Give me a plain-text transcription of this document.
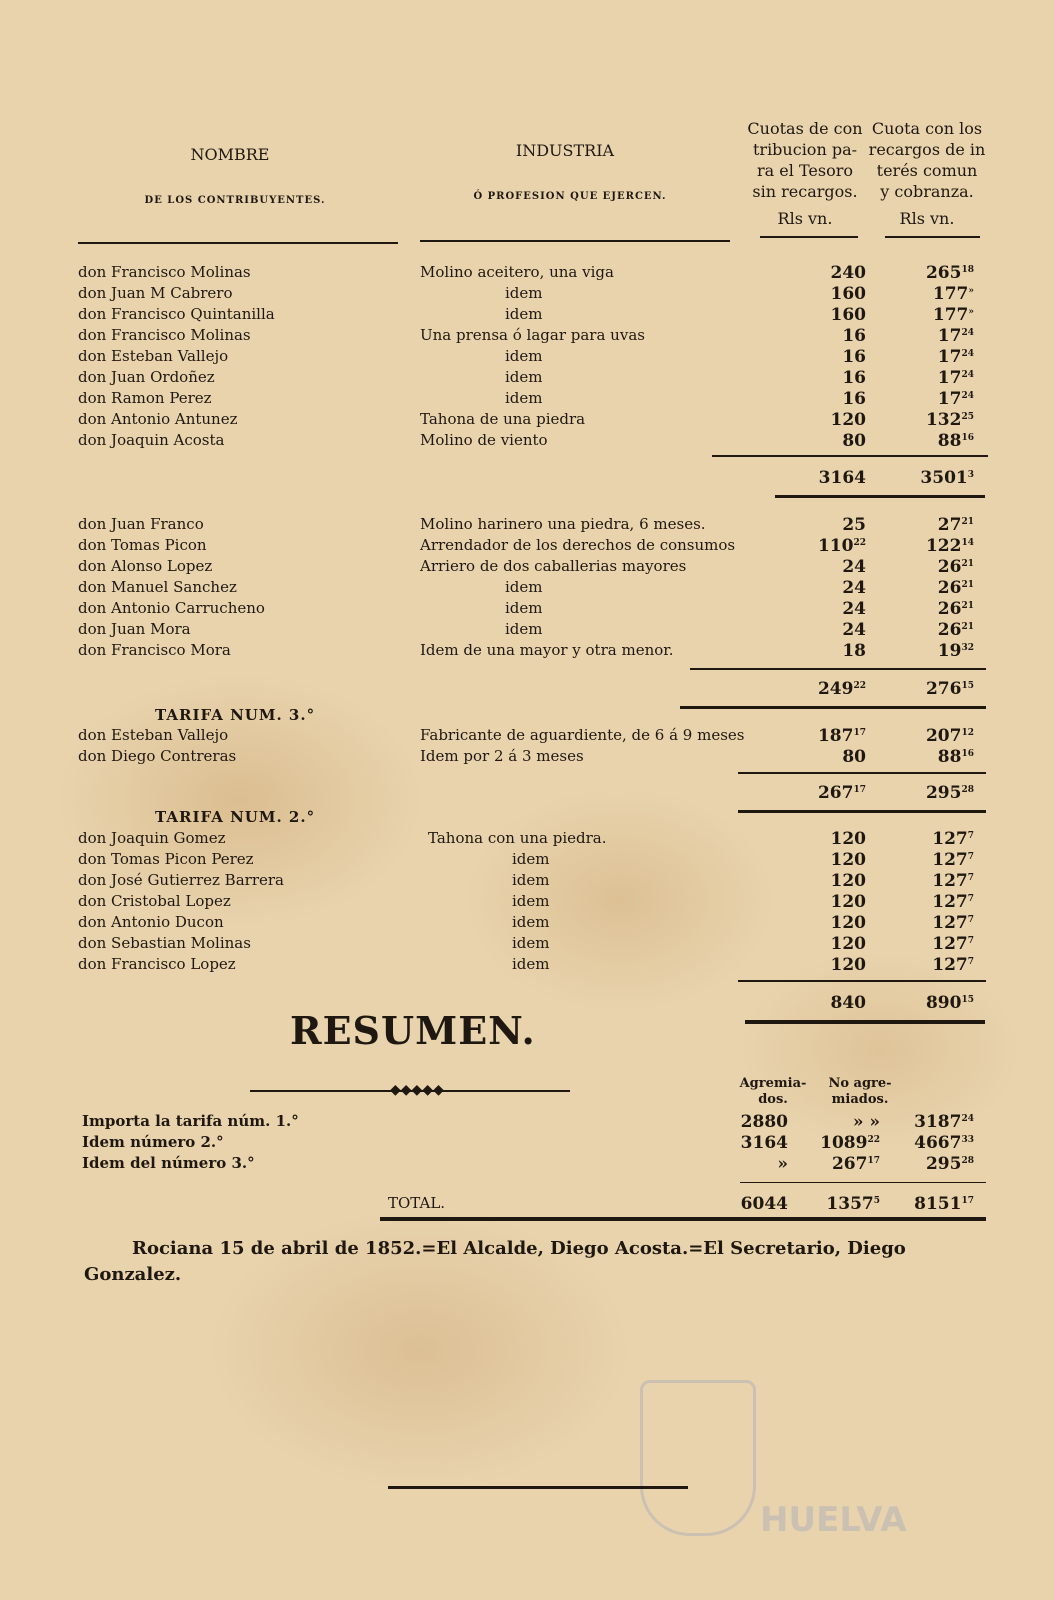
HUELVA
NOMBRE
DE LOS CONTRIBUYENTES.
INDUSTRIA
Ó PROFESION QUE EJERCEN.
Cuotas de con
tribucion pa-
ra el Tesoro
sin recargos.
Rls vn.
Cuota con los
recargos de in
terés comun
y cobranza.
Rls vn.
don Francisco Molinas	Molino aceitero, una viga	240	$265^{18}$
don Juan M Cabrero	idem	160	177»
don Francisco Quintanilla	idem	160	177»
don Francisco Molinas	Una prensa ó lagar para uvas	16	$17^{24}$
don Esteban Vallejo	idem	16	$17^{24}$
don Juan Ordoñez	idem	16	$17^{24}$
don Ramon Perez	idem	16	$17^{24}$
don Antonio Antunez	Tahona de una piedra	120	$132^{25}$
don Joaquin Acosta	Molino de viento	80	$88^{16}$
3164	3501$^3$
don Juan Franco	Molino harinero una piedra, 6 meses.	25	$27^{21}$
don Tomas Picon	Arrendador de los derechos de consumos	$110^{22}$	$122^{14}$
don Alonso Lopez	Arriero de dos caballerias mayores	24	$26^{21}$
don Manuel Sanchez	idem	24	$26^{21}$
don Antonio Carrucheno	idem	24	$26^{21}$
don Juan Mora	idem	24	$26^{21}$
don Francisco Mora	Idem de una mayor y otra menor.	18	$19^{32}$
$249^{22}$	$276^{15}$
TARIFA NUM. 3.°
don Esteban Vallejo	Fabricante de aguardiente, de 6 á 9 meses	$187^{17}$	$207^{12}$
don Diego Contreras	Idem por 2 á 3 meses	80	$88^{16}$
$267^{17}$	$295^{28}$
TARIFA NUM. 2.°
don Joaquin Gomez	Tahona con una piedra.	120	$127^7$
don Tomas Picon Perez	idem	120	$127^7$
don José Gutierrez Barrera	idem	120	$127^7$
don Cristobal Lopez	idem	120	$127^7$
don Antonio Ducon	idem	120	$127^7$
don Sebastian Molinas	idem	120	$127^7$
don Francisco Lopez	idem	120	$127^7$
840	$890^{15}$
RESUMEN.
◆◆◆◆◆	Agremia-
dos.
No agre-
miados.
Importa la tarifa núm. 1.°	2880	» »	3187$^{24}$
Idem número 2.°	3164	1089$^{22}$	4667$^{33}$
Idem del número 3.°	»	$267^{17}$	$295^{28}$
TOTAL.	6044	1357$^5$	8151$^{17}$
Rociana 15 de abril de 1852.=El Alcalde, Diego Acosta.=El Secretario, Diego Gonzalez.
